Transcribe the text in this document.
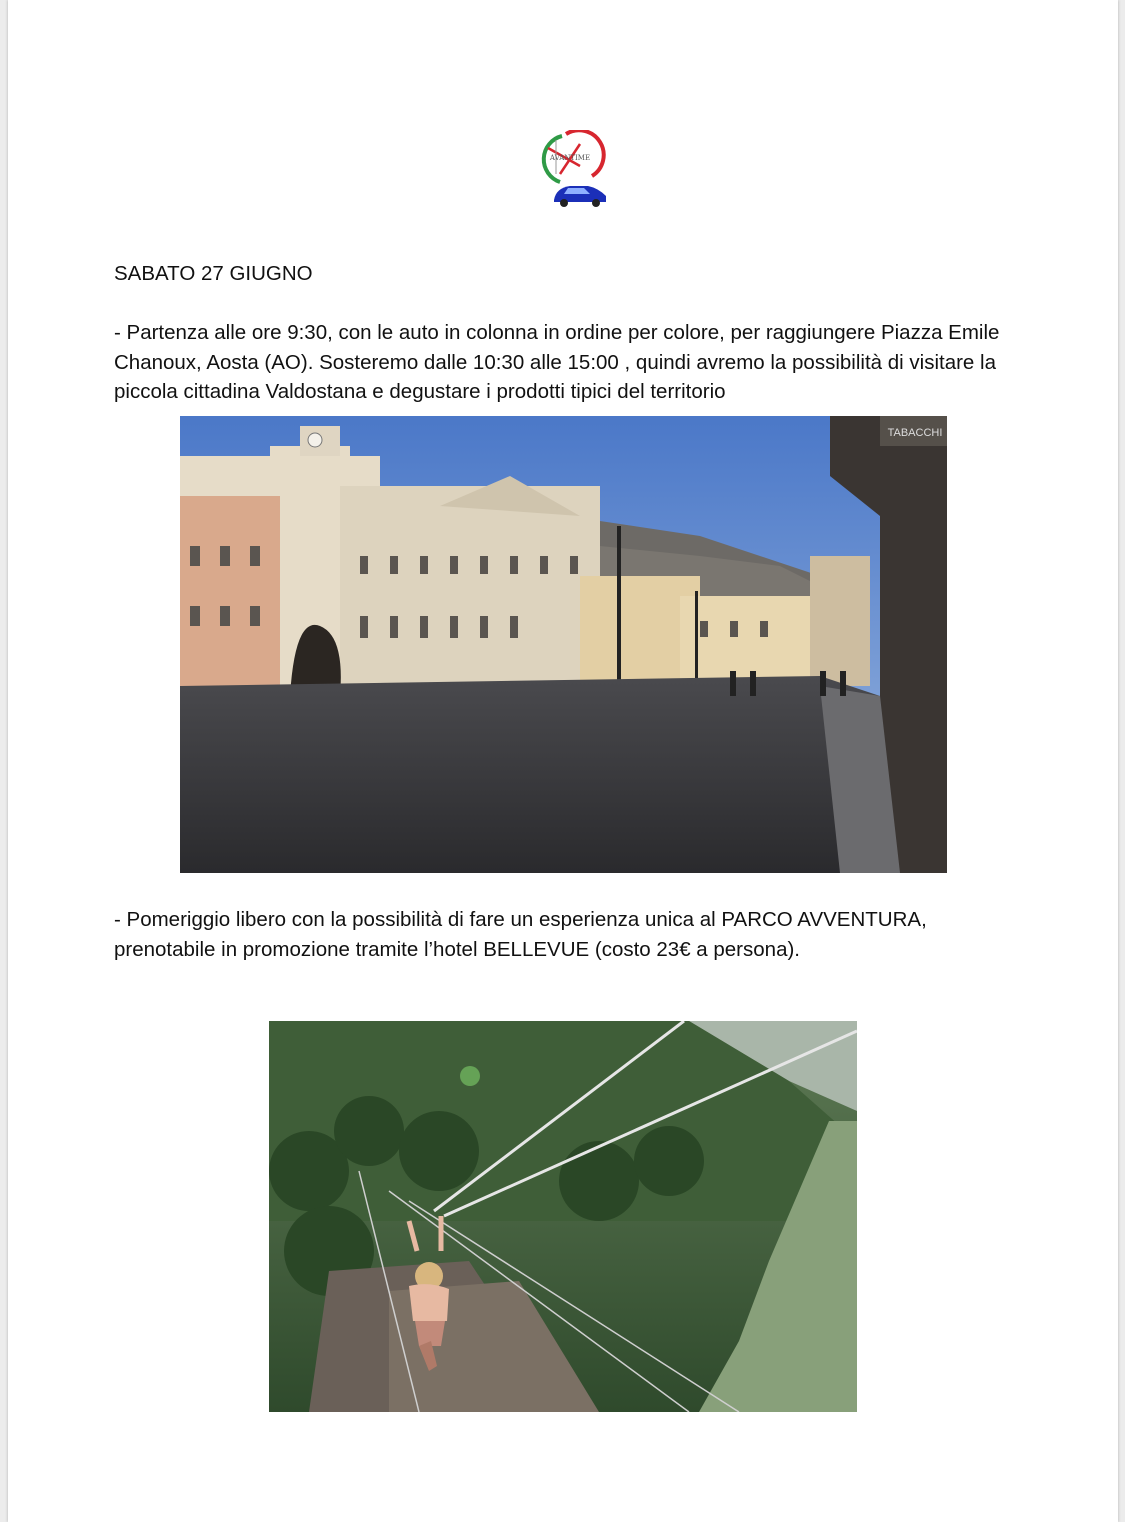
AVANTIME
SABATO 27 GIUGNO
- Partenza alle ore 9:30, con le auto in colonna in ordine per colore, per raggiungere Piazza Emile Chanoux, Aosta (AO). Sosteremo dalle 10:30 alle 15:00 , quindi avremo la possibilità di visitare la piccola cittadina Valdostana e degustare i prodotti tipici del territorio
TABACCHI
- Pomeriggio libero con la possibilità di fare un esperienza unica al PARCO AVVENTURA, prenotabile in promozione tramite l’hotel BELLEVUE (costo 23€ a persona).
